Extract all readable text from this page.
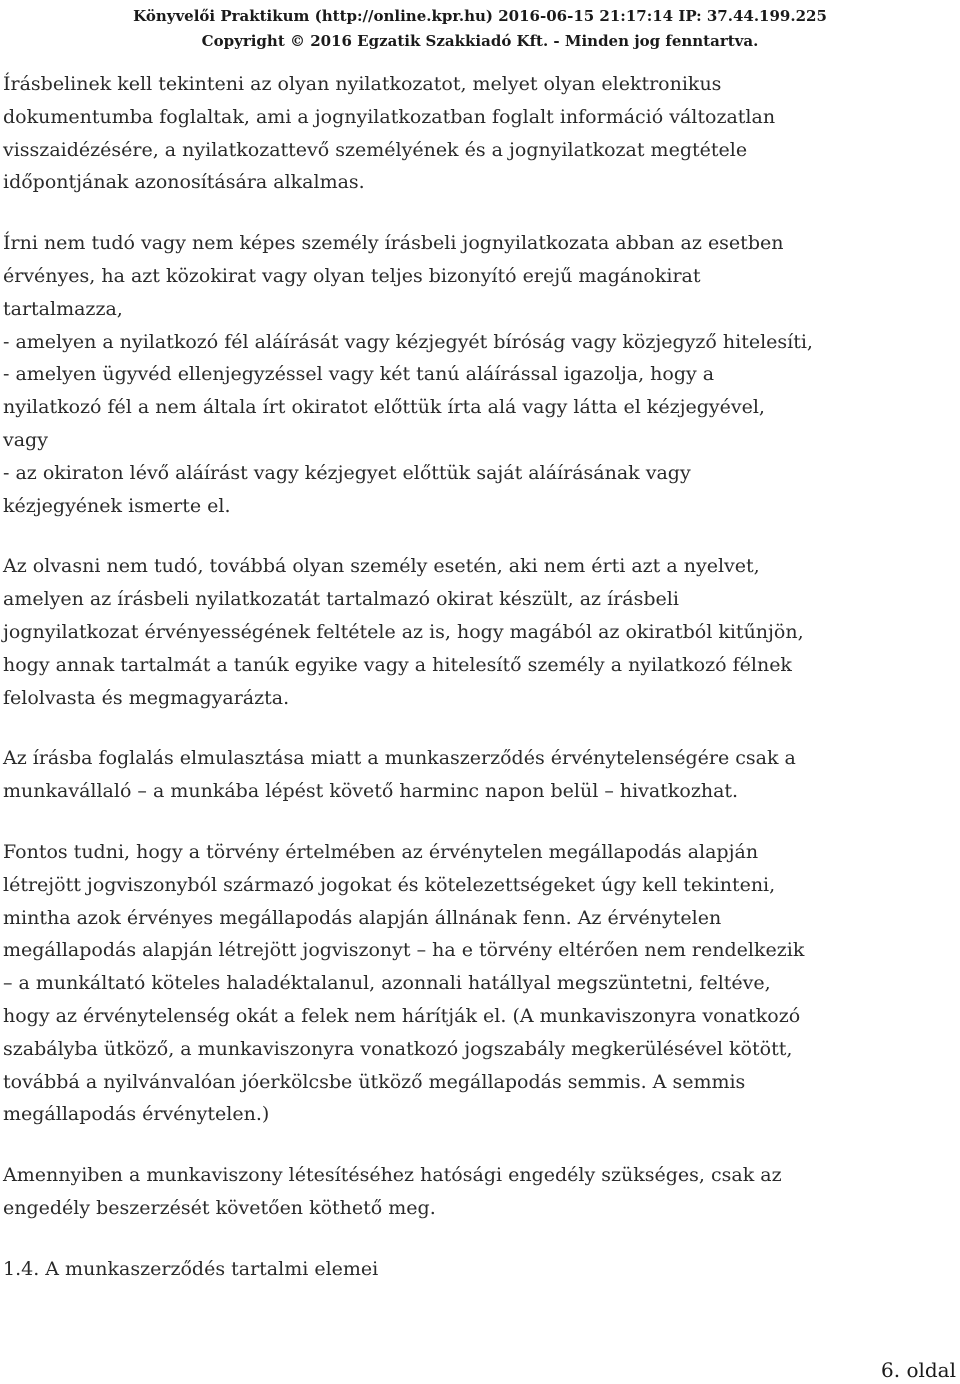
Könyvelői Praktikum (http://online.kpr.hu) 2016-06-15 21:17:14 IP: 37.44.199.225
Copyright © 2016 Egzatik Szakkiadó Kft. - Minden jog fenntartva.

Írásbelinek kell tekinteni az olyan nyilatkozatot, melyet olyan elektronikus
dokumentumba foglaltak, ami a jognyilatkozatban foglalt információ változatlan
visszaidézésére, a nyilatkozattevő személyének és a jognyilatkozat megtétele
időpontjának azonosítására alkalmas.

Írni nem tudó vagy nem képes személy írásbeli jognyilatkozata abban az esetben
érvényes, ha azt közokirat vagy olyan teljes bizonyító erejű magánokirat
tartalmazza,
- amelyen a nyilatkozó fél aláírását vagy kézjegyét bíróság vagy közjegyző hitelesíti,
- amelyen ügyvéd ellenjegyzéssel vagy két tanú aláírással igazolja, hogy a
nyilatkozó fél a nem általa írt okiratot előttük írta alá vagy látta el kézjegyével,
vagy
- az okiraton lévő aláírást vagy kézjegyet előttük saját aláírásának vagy
kézjegyének ismerte el.

Az olvasni nem tudó, továbbá olyan személy esetén, aki nem érti azt a nyelvet,
amelyen az írásbeli nyilatkozatát tartalmazó okirat készült, az írásbeli
jognyilatkozat érvényességének feltétele az is, hogy magából az okiratból kitűnjön,
hogy annak tartalmát a tanúk egyike vagy a hitelesítő személy a nyilatkozó félnek
felolvasta és megmagyarázta.

Az írásba foglalás elmulasztása miatt a munkaszerződés érvénytelenségére csak a
munkavállaló – a munkába lépést követő harminc napon belül – hivatkozhat.

Fontos tudni, hogy a törvény értelmében az érvénytelen megállapodás alapján
létrejött jogviszonyból származó jogokat és kötelezettségeket úgy kell tekinteni,
mintha azok érvényes megállapodás alapján állnának fenn. Az érvénytelen
megállapodás alapján létrejött jogviszonyt – ha e törvény eltérően nem rendelkezik
– a munkáltató köteles haladéktalanul, azonnali hatállyal megszüntetni, feltéve,
hogy az érvénytelenség okát a felek nem hárítják el. (A munkaviszonyra vonatkozó
szabályba ütköző, a munkaviszonyra vonatkozó jogszabály megkerülésével kötött,
továbbá a nyilvánvalóan jóerkölcsbe ütköző megállapodás semmis. A semmis
megállapodás érvénytelen.)

Amennyiben a munkaviszony létesítéséhez hatósági engedély szükséges, csak az
engedély beszerzését követően köthető meg.

1.4. A munkaszerződés tartalmi elemei

6. oldal
